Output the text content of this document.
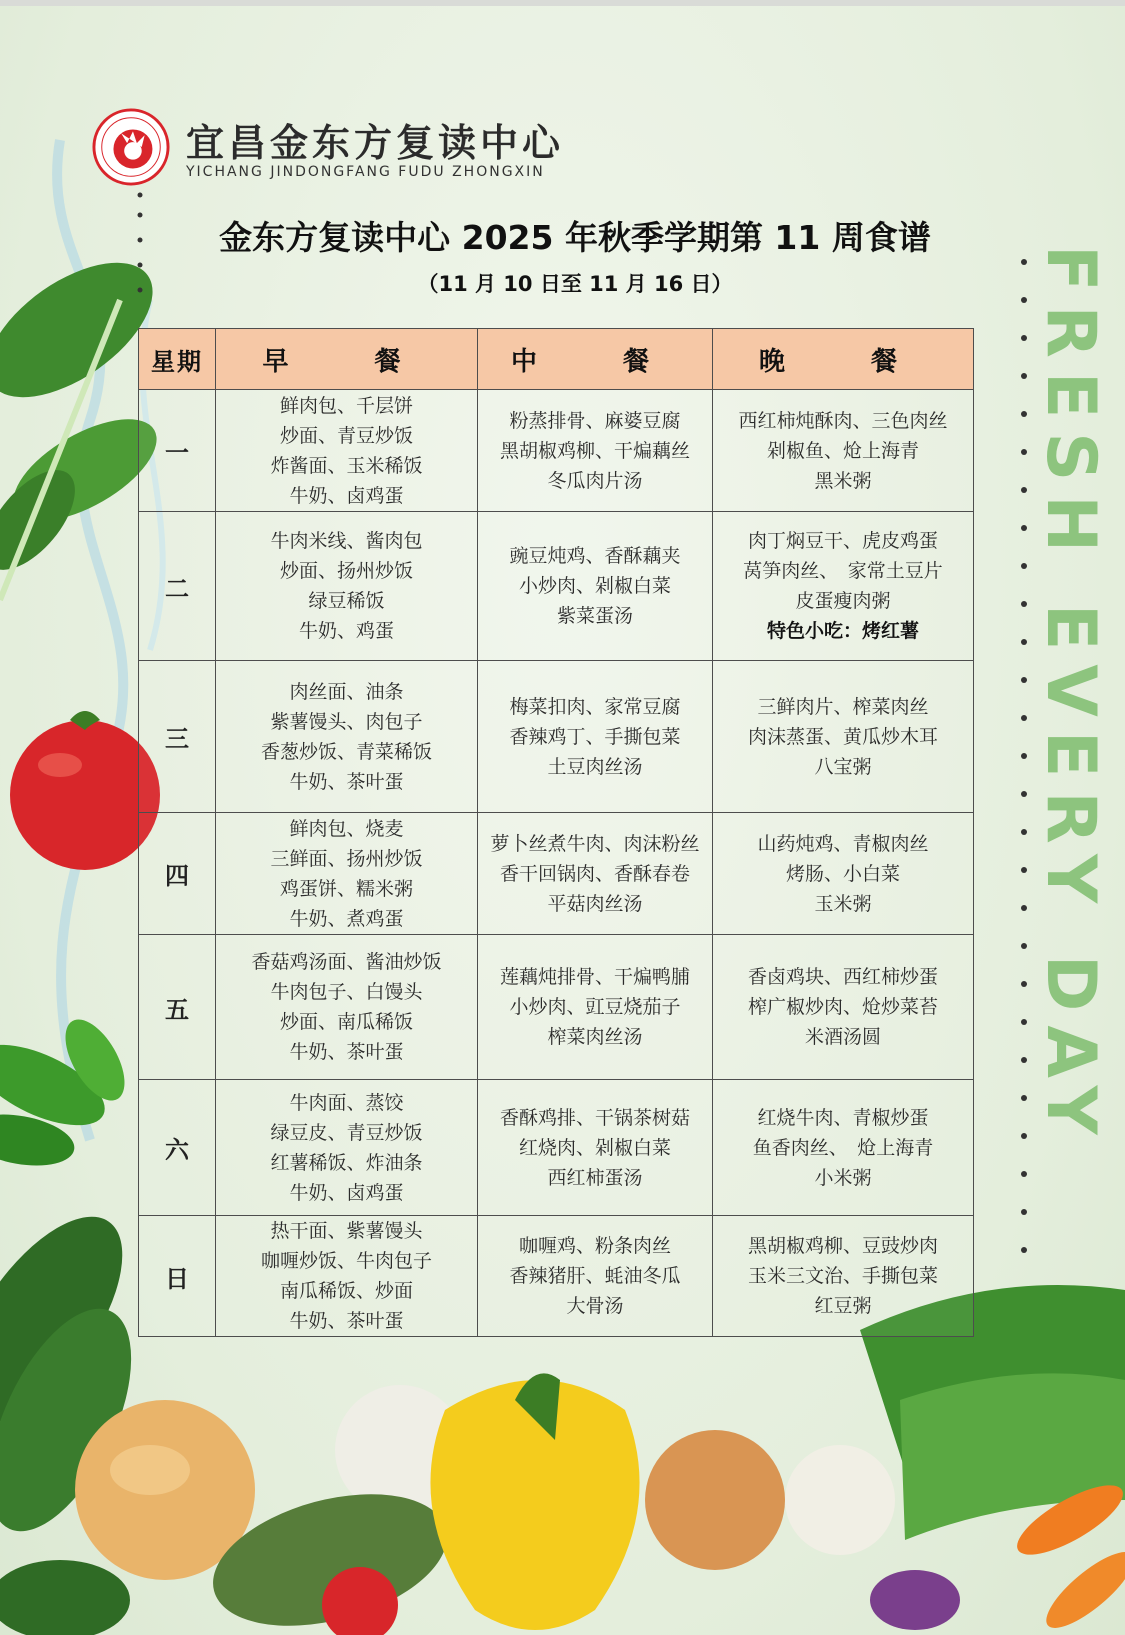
FRESH EVERY DAY
宜昌金东方复读中心
YICHANG JINDONGFANG FUDU ZHONGXIN
金东方复读中心 2025 年秋季学期第 11 周食谱
（11 月 10 日至 11 月 16 日）
星期	早　餐	中　餐	晚　餐
一	鲜肉包、千层饼
炒面、青豆炒饭
炸酱面、玉米稀饭
牛奶、卤鸡蛋	粉蒸排骨、麻婆豆腐
黑胡椒鸡柳、干煸藕丝
冬瓜肉片汤	西红柿炖酥肉、三色肉丝
剁椒鱼、炝上海青
黑米粥

二	牛肉米线、酱肉包
炒面、扬州炒饭
绿豆稀饭
牛奶、鸡蛋	豌豆炖鸡、香酥藕夹
小炒肉、剁椒白菜
紫菜蛋汤	肉丁焖豆干、虎皮鸡蛋
莴笋肉丝、　家常土豆片
皮蛋瘦肉粥
特色小吃：烤红薯

三	肉丝面、油条
紫薯馒头、肉包子
香葱炒饭、青菜稀饭
牛奶、茶叶蛋	梅菜扣肉、家常豆腐
香辣鸡丁、手撕包菜
土豆肉丝汤	三鲜肉片、榨菜肉丝
肉沫蒸蛋、黄瓜炒木耳
八宝粥

四	鲜肉包、烧麦
三鲜面、扬州炒饭
鸡蛋饼、糯米粥
牛奶、煮鸡蛋	萝卜丝煮牛肉、肉沫粉丝
香干回锅肉、香酥春卷
平菇肉丝汤	山药炖鸡、青椒肉丝
烤肠、小白菜
玉米粥

五	香菇鸡汤面、酱油炒饭
牛肉包子、白馒头
炒面、南瓜稀饭
牛奶、茶叶蛋	莲藕炖排骨、干煸鸭脯
小炒肉、豇豆烧茄子
榨菜肉丝汤	香卤鸡块、西红柿炒蛋
榨广椒炒肉、炝炒菜苔
米酒汤圆

六	牛肉面、蒸饺
绿豆皮、青豆炒饭
红薯稀饭、炸油条
牛奶、卤鸡蛋	香酥鸡排、干锅茶树菇
红烧肉、剁椒白菜
西红柿蛋汤	红烧牛肉、青椒炒蛋
鱼香肉丝、　炝上海青
小米粥

日	热干面、紫薯馒头
咖喱炒饭、牛肉包子
南瓜稀饭、炒面
牛奶、茶叶蛋	咖喱鸡、粉条肉丝
香辣猪肝、蚝油冬瓜
大骨汤	黑胡椒鸡柳、豆豉炒肉
玉米三文治、手撕包菜
红豆粥
